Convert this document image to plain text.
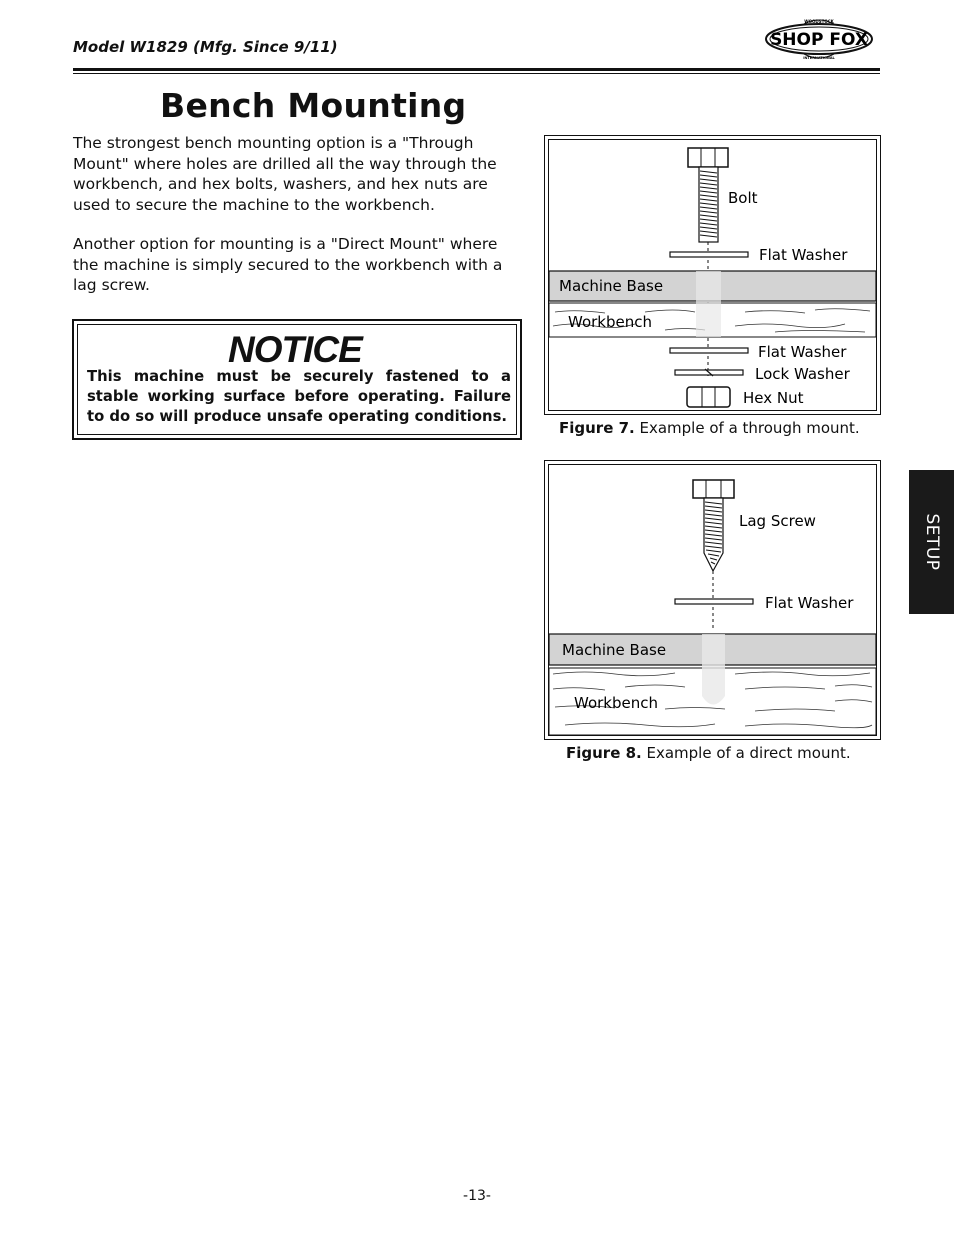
Model W1829 (Mfg. Since 9/11)	SHOP FOX
WOODSTOCK
INTERNATIONAL
Bench Mounting
The strongest bench mounting option is a "Through Mount" where holes are drilled all the way through the workbench, and hex bolts, washers, and hex nuts are used to secure the machine to the workbench.
Another option for mounting is a "Direct Mount" where the machine is simply secured to the workbench with a lag screw.
NOTICE
This machine must be securely fastened to a stable working surface before operating. Failure to do so will produce unsafe operating conditions.
Bolt
Flat Washer
Machine Base
Workbench
Flat Washer
Lock Washer
Hex Nut
Figure 7. Example of a through mount.
Lag Screw
Flat Washer
Machine Base
Workbench
Figure 8. Example of a direct mount.
SETUP
-13-
